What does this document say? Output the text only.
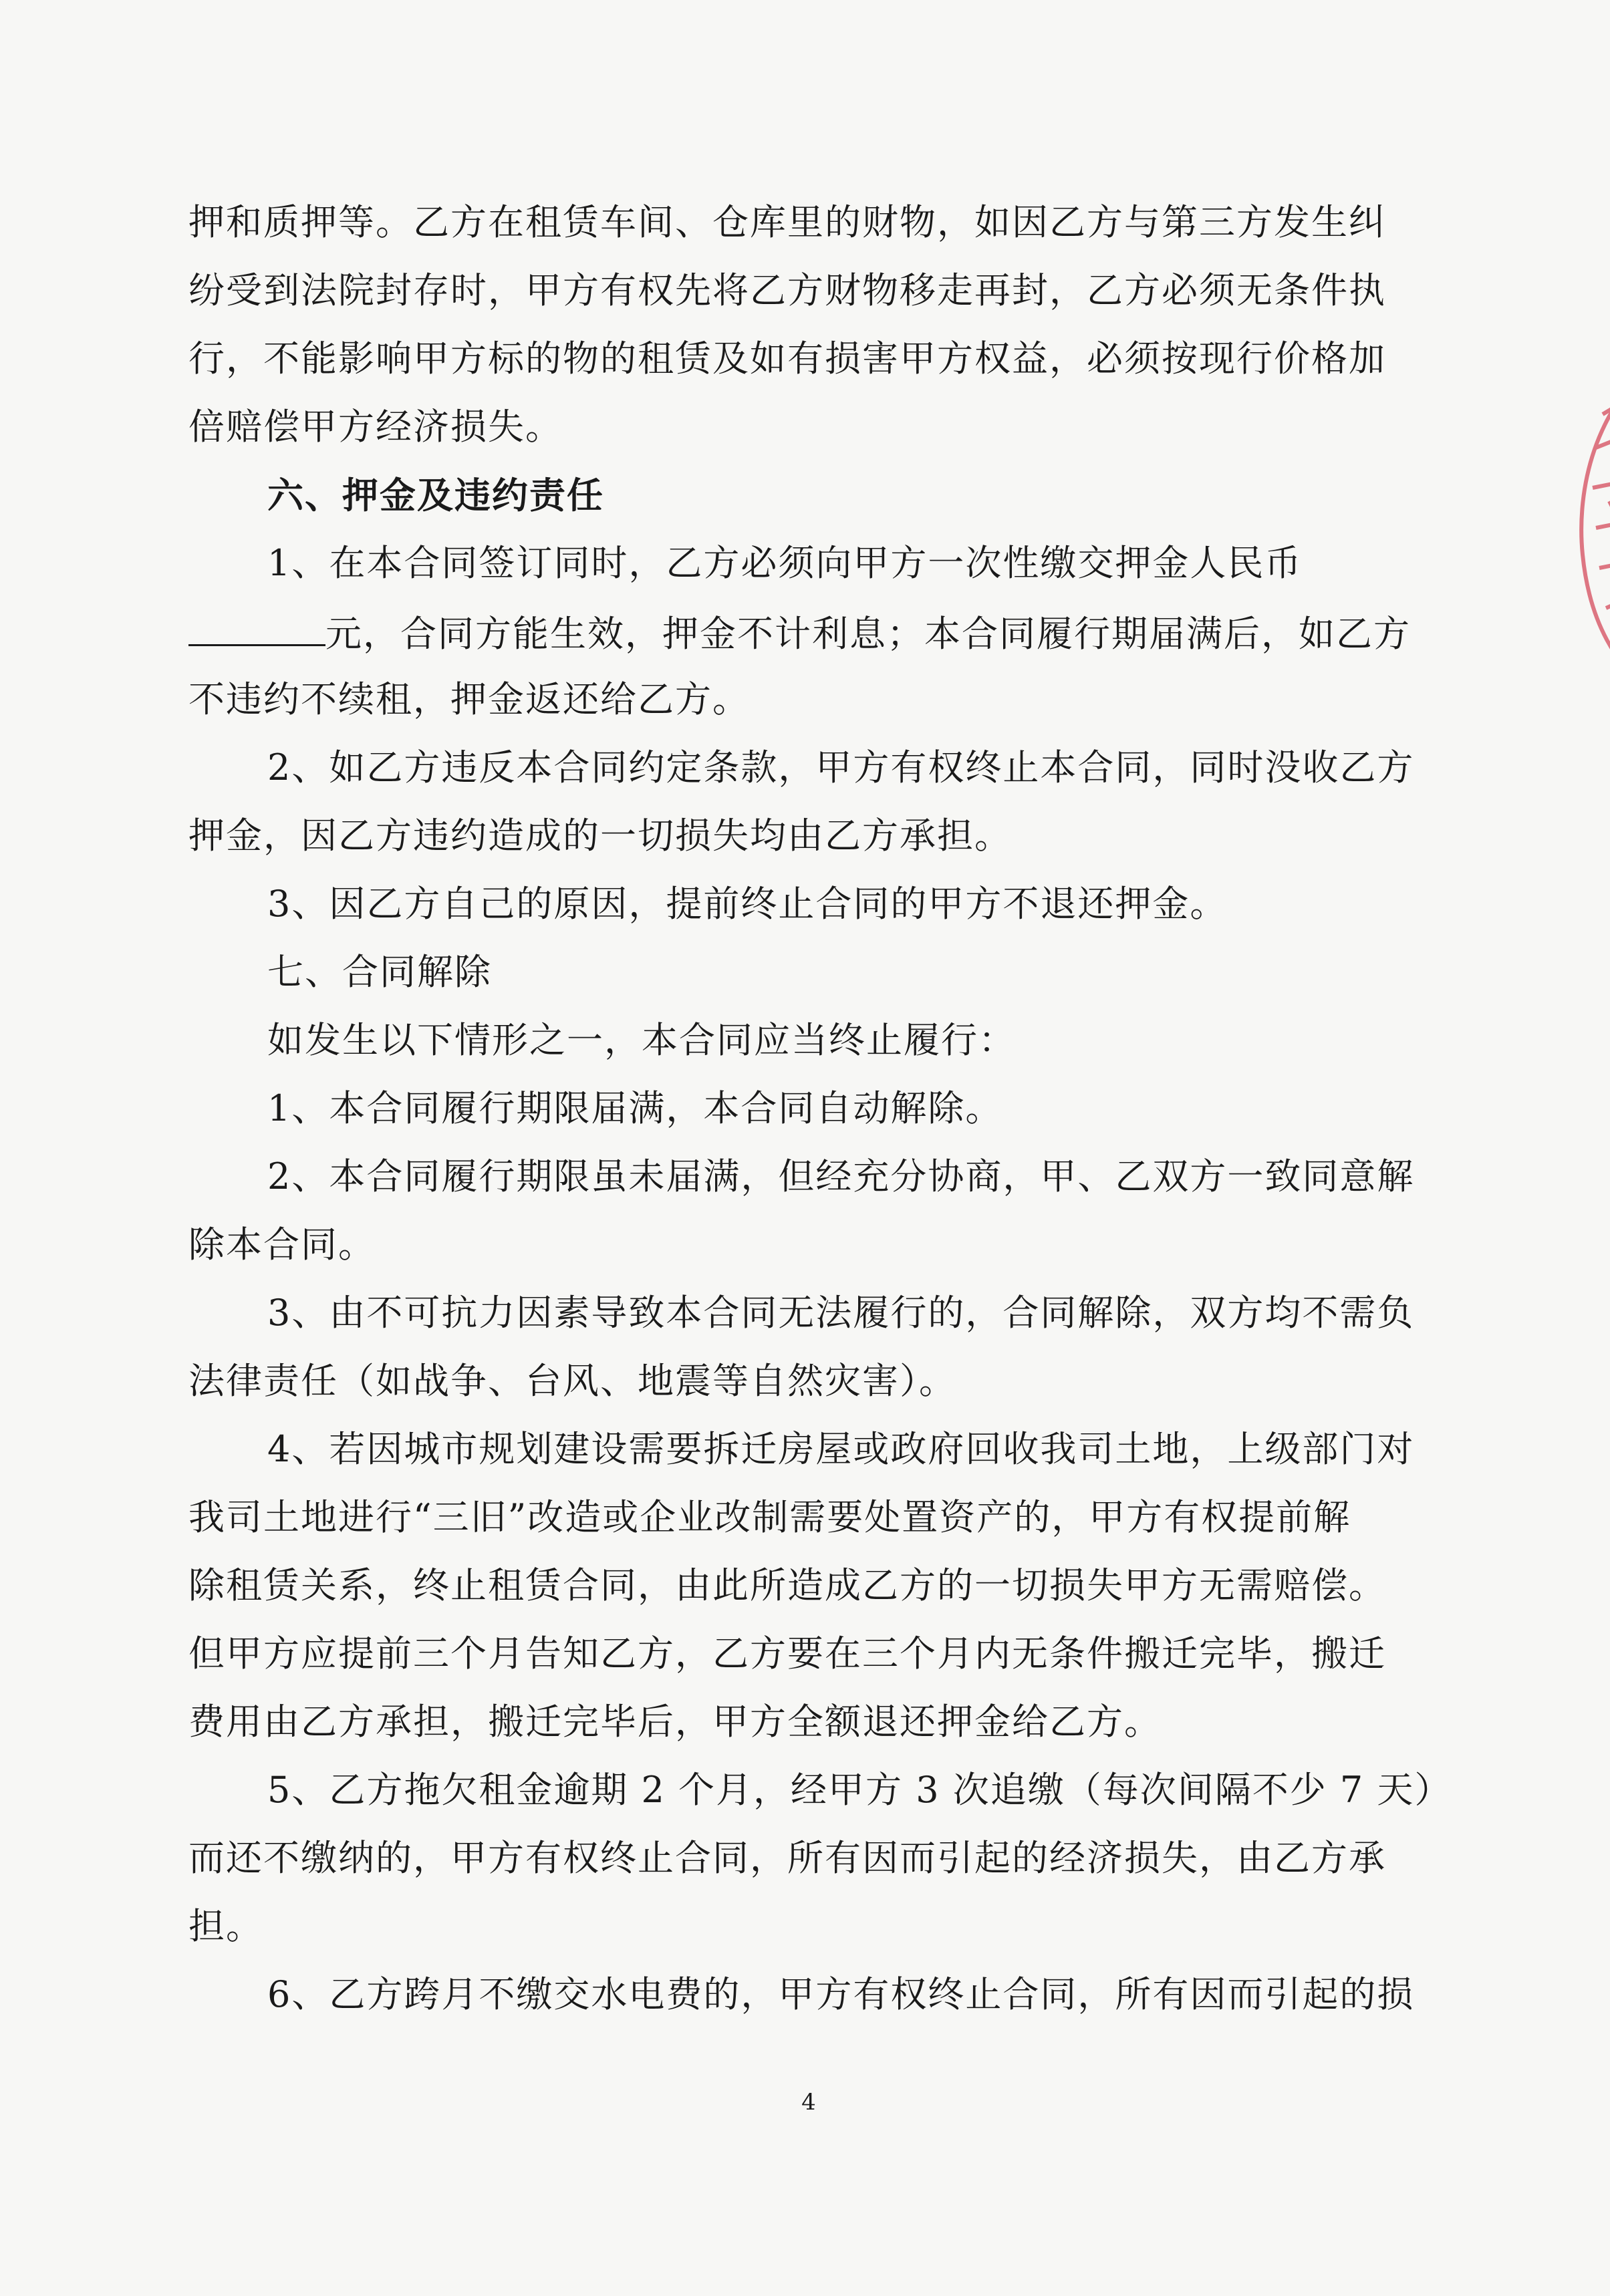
押和质押等。乙方在租赁车间、仓库里的财物，如因乙方与第三方发生纠
纷受到法院封存时，甲方有权先将乙方财物移走再封，乙方必须无条件执
行，不能影响甲方标的物的租赁及如有损害甲方权益，必须按现行价格加
倍赔偿甲方经济损失。
六、押金及违约责任
1、在本合同签订同时，乙方必须向甲方一次性缴交押金人民币
元，合同方能生效，押金不计利息；本合同履行期届满后，如乙方
不违约不续租，押金返还给乙方。
2、如乙方违反本合同约定条款，甲方有权终止本合同，同时没收乙方
押金，因乙方违约造成的一切损失均由乙方承担。
3、因乙方自己的原因，提前终止合同的甲方不退还押金。
七、合同解除
如发生以下情形之一，本合同应当终止履行：
1、本合同履行期限届满，本合同自动解除。
2、本合同履行期限虽未届满，但经充分协商，甲、乙双方一致同意解
除本合同。
3、由不可抗力因素导致本合同无法履行的，合同解除，双方均不需负
法律责任（如战争、台风、地震等自然灾害）。
4、若因城市规划建设需要拆迁房屋或政府回收我司土地，上级部门对
我司土地进行“三旧”改造或企业改制需要处置资产的，甲方有权提前解
除租赁关系，终止租赁合同，由此所造成乙方的一切损失甲方无需赔偿。
但甲方应提前三个月告知乙方，乙方要在三个月内无条件搬迁完毕，搬迁
费用由乙方承担，搬迁完毕后，甲方全额退还押金给乙方。
5、乙方拖欠租金逾期 2 个月，经甲方 3 次追缴（每次间隔不少 7 天）
而还不缴纳的，甲方有权终止合同，所有因而引起的经济损失，由乙方承
担。
6、乙方跨月不缴交水电费的，甲方有权终止合同，所有因而引起的损
4
